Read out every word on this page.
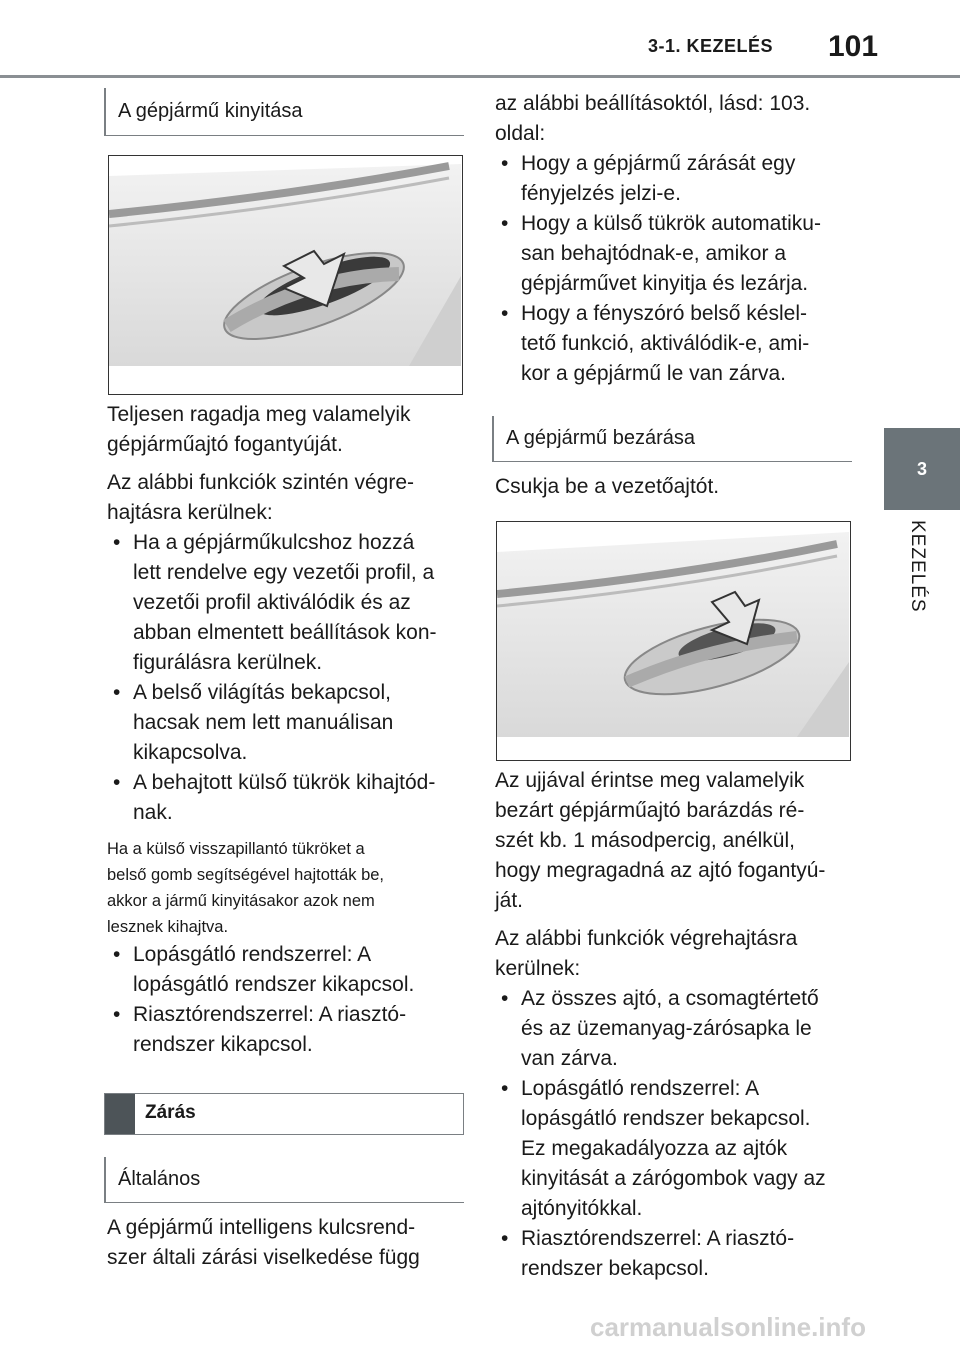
3-1. KEZELÉS 101
3
KEZELÉS
A gépjármű kinyitása
Teljesen ragadja meg valamelyik
gépjárműajtó fogantyúját.
Az alábbi funkciók szintén végre-
hajtásra kerülnek:
• Ha a gépjárműkulcshoz hozzá
lett rendelve egy vezetői profil, a
vezetői profil aktiválódik és az
abban elmentett beállítások kon-
figurálásra kerülnek.
• A belső világítás bekapcsol,
hacsak nem lett manuálisan
kikapcsolva.
• A behajtott külső tükrök kihajtód-
nak.
Ha a külső visszapillantó tükröket a
belső gomb segítségével hajtották be,
akkor a jármű kinyitásakor azok nem
lesznek kihajtva.
• Lopásgátló rendszerrel: A
lopásgátló rendszer kikapcsol.
• Riasztórendszerrel: A riasztó-
rendszer kikapcsol.
Zárás
Általános
A gépjármű intelligens kulcsrend-
szer általi zárási viselkedése függ
az alábbi beállításoktól, lásd: 103.
oldal:
• Hogy a gépjármű zárását egy
fényjelzés jelzi-e.
• Hogy a külső tükrök automatiku-
san behajtódnak-e, amikor a
gépjárművet kinyitja és lezárja.
• Hogy a fényszóró belső késlel-
tető funkció, aktiválódik-e, ami-
kor a gépjármű le van zárva.
A gépjármű bezárása
Csukja be a vezetőajtót.
Az ujjával érintse meg valamelyik
bezárt gépjárműajtó barázdás ré-
szét kb. 1 másodpercig, anélkül,
hogy megragadná az ajtó fogantyú-
ját.
Az alábbi funkciók végrehajtásra
kerülnek:
• Az összes ajtó, a csomagtértető
és az üzemanyag-zárósapka le
van zárva.
• Lopásgátló rendszerrel: A
lopásgátló rendszer bekapcsol.
Ez megakadályozza az ajtók
kinyitását a zárógombok vagy az
ajtónyitókkal.
• Riasztórendszerrel: A riasztó-
rendszer bekapcsol.
carmanualsonline.info
